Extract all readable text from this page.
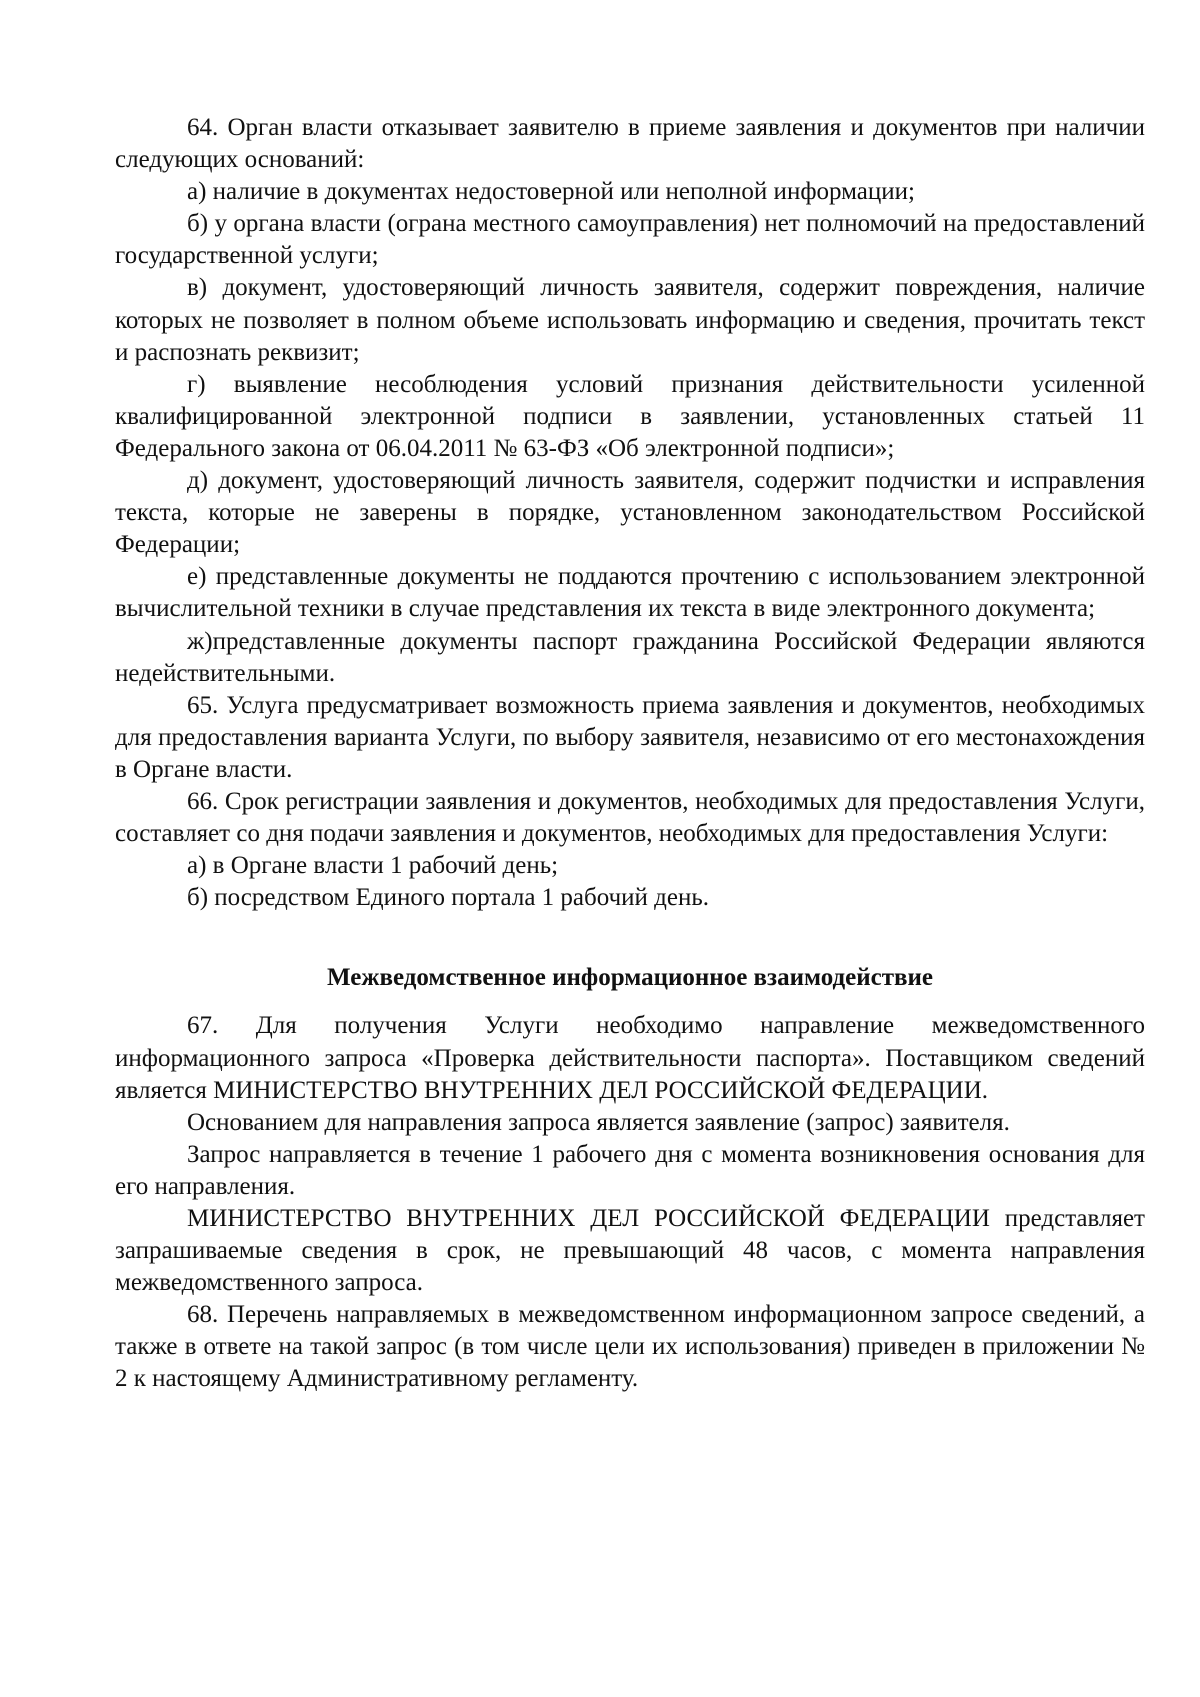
64. Орган власти отказывает заявителю в приеме заявления и документов при наличии следующих оснований:

а) наличие в документах недостоверной или неполной информации;

б) у органа власти (ограна местного самоуправления) нет полномочий на предоставлений государственной услуги;

в) документ, удостоверяющий личность заявителя, содержит повреждения, наличие которых не позволяет в полном объеме использовать информацию и сведения, прочитать текст и распознать реквизит;

г) выявление несоблюдения условий признания действительности усиленной квалифицированной электронной подписи в заявлении, установленных статьей 11 Федерального закона от 06.04.2011 № 63-ФЗ «Об электронной подписи»;

д) документ, удостоверяющий личность заявителя, содержит подчистки и исправления текста, которые не заверены в порядке, установленном законодательством Российской Федерации;

е) представленные документы не поддаются прочтению с использованием электронной вычислительной техники в случае представления их текста в виде электронного документа;

ж)представленные документы паспорт гражданина Российской Федерации являются недействительными.

65. Услуга предусматривает возможность приема заявления и документов, необходимых для предоставления варианта Услуги, по выбору заявителя, независимо от его местонахождения в Органе власти.

66. Срок регистрации заявления и документов, необходимых для предоставления Услуги, составляет со дня подачи заявления и документов, необходимых для предоставления Услуги:

а) в Органе власти 1 рабочий день;

б) посредством Единого портала 1 рабочий день.

Межведомственное информационное взаимодействие

67. Для получения Услуги необходимо направление межведомственного информационного запроса «Проверка действительности паспорта». Поставщиком сведений является МИНИСТЕРСТВО ВНУТРЕННИХ ДЕЛ РОССИЙСКОЙ ФЕДЕРАЦИИ.

Основанием для направления запроса является заявление (запрос) заявителя.

Запрос направляется в течение 1 рабочего дня с момента возникновения основания для его направления.

МИНИСТЕРСТВО ВНУТРЕННИХ ДЕЛ РОССИЙСКОЙ ФЕДЕРАЦИИ представляет запрашиваемые сведения в срок, не превышающий 48 часов, с момента направления межведомственного запроса.

68. Перечень направляемых в межведомственном информационном запросе сведений, а также в ответе на такой запрос (в том числе цели их использования) приведен в приложении № 2 к настоящему Административному регламенту.
